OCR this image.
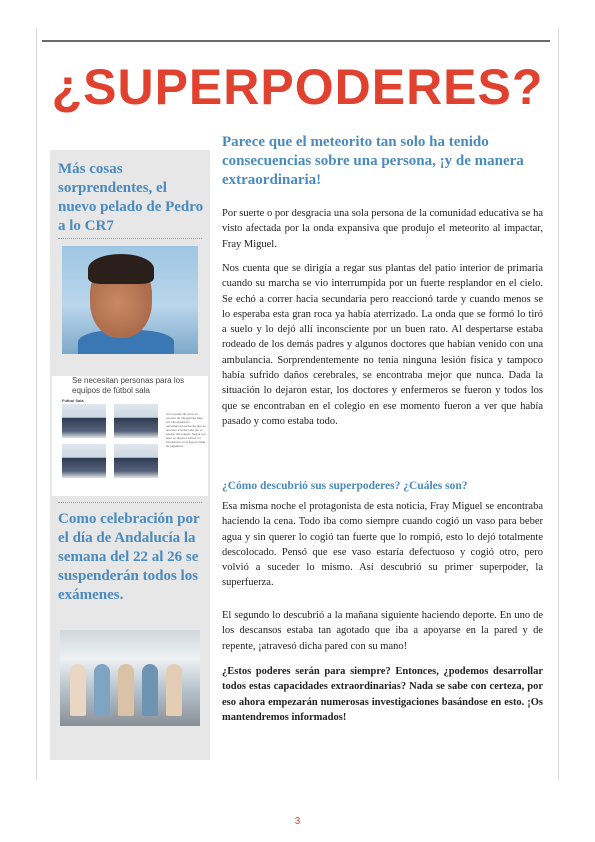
¿SUPERPODERES?
Más cosas sorprendentes, el nuevo pelado de Pedro a lo CR7

Se necesitan personas para los equipos de fútbol sala

Fútbol Sala

Con el paso de curso el número de integrantes bajo, por ello queda sin necesitamos personas que se apunten a la del todo por el equipo del colegio. Seguir por aquí en algunos turnos mi intentamos en la liga por falta de jugadores

Como celebración por el día de Andalucía la semana del 22 al 26 se suspenderán todos los exámenes.
Parece que el meteorito tan solo ha tenido consecuencias sobre una persona, ¡y de manera extraordinaria!

Por suerte o por desgracia una sola persona de la comunidad educativa se ha visto afectada por la onda expansiva que produjo el meteorito al impactar, Fray Miguel.

Nos cuenta que se dirigía a regar sus plantas del patio interior de primaria cuando su marcha se vio interrumpida por un fuerte resplandor en el cielo. Se echó a correr hacia secundaria pero reaccionó tarde y cuando menos se lo esperaba esta gran roca ya había aterrizado. La onda que se formó lo tiró a suelo y lo dejó allí inconsciente por un buen rato. Al despertarse estaba rodeado de los demás padres y algunos doctores que habían venido con una ambulancia. Sorprendentemente no tenía ninguna lesión física y tampoco había sufrido daños cerebrales, se encontraba mejor que nunca. Dada la situación lo dejaron estar, los doctores y enfermeros se fueron y todos los que se encontraban en el colegio en ese momento fueron a ver que había pasado y como estaba todo.

¿Cómo descubrió sus superpoderes? ¿Cuáles son?

Esa misma noche el protagonista de esta noticia, Fray Miguel se encontraba haciendo la cena. Todo iba como siempre cuando cogió un vaso para beber agua y sin querer lo cogió tan fuerte que lo rompió, esto lo dejó totalmente descolocado. Pensó que ese vaso estaría defectuoso y cogió otro, pero volvió a suceder lo mismo. Así descubrió su primer superpoder, la superfuerza.

El segundo lo descubrió a la mañana siguiente haciendo deporte. En uno de los descansos estaba tan agotado que iba a apoyarse en la pared y de repente, ¡atravesó dicha pared con su mano!

¿Estos poderes serán para siempre? Entonces, ¿podemos desarrollar todos estas capacidades extraordinarias? Nada se sabe con certeza, por eso ahora empezarán numerosas investigaciones basándose en esto. ¡Os mantendremos informados!

3
